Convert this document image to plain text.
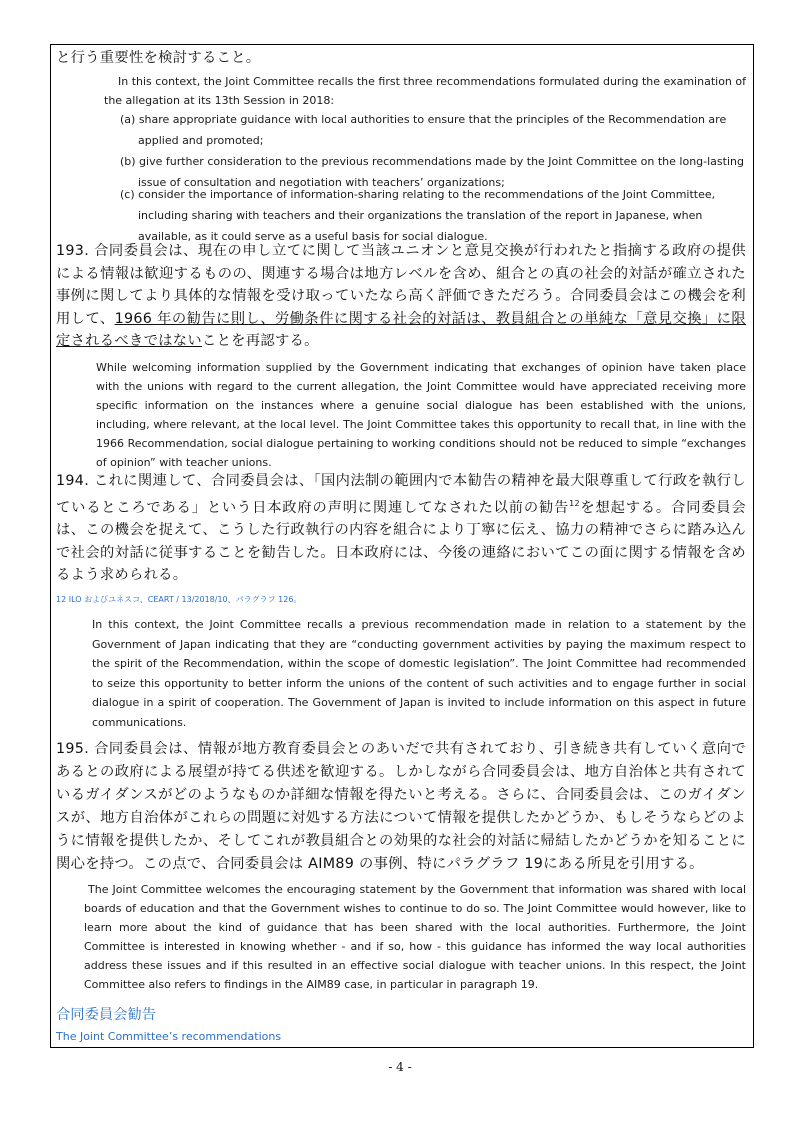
と行う重要性を検討すること。

In this context, the Joint Committee recalls the first three recommendations formulated during the examination of the allegation at its 13th Session in 2018:

(a) share appropriate guidance with local authorities to ensure that the principles of the Recommendation are applied and promoted;
(b) give further consideration to the previous recommendations made by the Joint Committee on the long-lasting issue of consultation and negotiation with teachers’ organizations;
(c) consider the importance of information-sharing relating to the recommendations of the Joint Committee, including sharing with teachers and their organizations the translation of the report in Japanese, when available, as it could serve as a useful basis for social dialogue.

193. 合同委員会は、現在の申し立てに関して当該ユニオンと意見交換が行われたと指摘する政府の提供による情報は歓迎するものの、関連する場合は地方レベルを含め、組合との真の社会的対話が確立された事例に関してより具体的な情報を受け取っていたなら高く評価できただろう。合同委員会はこの機会を利用して、1966 年の勧告に則し、労働条件に関する社会的対話は、教員組合との単純な「意見交換」に限定されるべきではないことを再認する。

While welcoming information supplied by the Government indicating that exchanges of opinion have taken place with the unions with regard to the current allegation, the Joint Committee would have appreciated receiving more specific information on the instances where a genuine social dialogue has been established with the unions, including, where relevant, at the local level. The Joint Committee takes this opportunity to recall that, in line with the 1966 Recommendation, social dialogue pertaining to working conditions should not be reduced to simple “exchanges of opinion” with teacher unions.

194. これに関連して、合同委員会は、「国内法制の範囲内で本勧告の精神を最大限尊重して行政を執行しているところである」という日本政府の声明に関連してなされた以前の勧告$^{12}$を想起する。合同委員会は、この機会を捉えて、こうした行政執行の内容を組合により丁寧に伝え、協力の精神でさらに踏み込んで社会的対話に従事することを勧告した。日本政府には、今後の連絡においてこの面に関する情報を含めるよう求められる。

12 ILO およびユネスコ、CEART / 13/2018/10、パラグラフ 126。

In this context, the Joint Committee recalls a previous recommendation made in relation to a statement by the Government of Japan indicating that they are “conducting government activities by paying the maximum respect to the spirit of the Recommendation, within the scope of domestic legislation”. The Joint Committee had recommended to seize this opportunity to better inform the unions of the content of such activities and to engage further in social dialogue in a spirit of cooperation. The Government of Japan is invited to include information on this aspect in future communications.

195. 合同委員会は、情報が地方教育委員会とのあいだで共有されており、引き続き共有していく意向であるとの政府による展望が持てる供述を歓迎する。しかしながら合同委員会は、地方自治体と共有されているガイダンスがどのようなものか詳細な情報を得たいと考える。さらに、合同委員会は、このガイダンスが、地方自治体がこれらの問題に対処する方法について情報を提供したかどうか、もしそうならどのように情報を提供したか、そしてこれが教員組合との効果的な社会的対話に帰結したかどうかを知ることに関心を持つ。この点で、合同委員会は AIM89 の事例、特にパラグラフ 19にある所見を引用する。

The Joint Committee welcomes the encouraging statement by the Government that information was shared with local boards of education and that the Government wishes to continue to do so. The Joint Committee would however, like to learn more about the kind of guidance that has been shared with the local authorities. Furthermore, the Joint Committee is interested in knowing whether - and if so, how - this guidance has informed the way local authorities address these issues and if this resulted in an effective social dialogue with teacher unions. In this respect, the Joint Committee also refers to findings in the AIM89 case, in particular in paragraph 19.

合同委員会勧告

The Joint Committee’s recommendations

- 4 -
